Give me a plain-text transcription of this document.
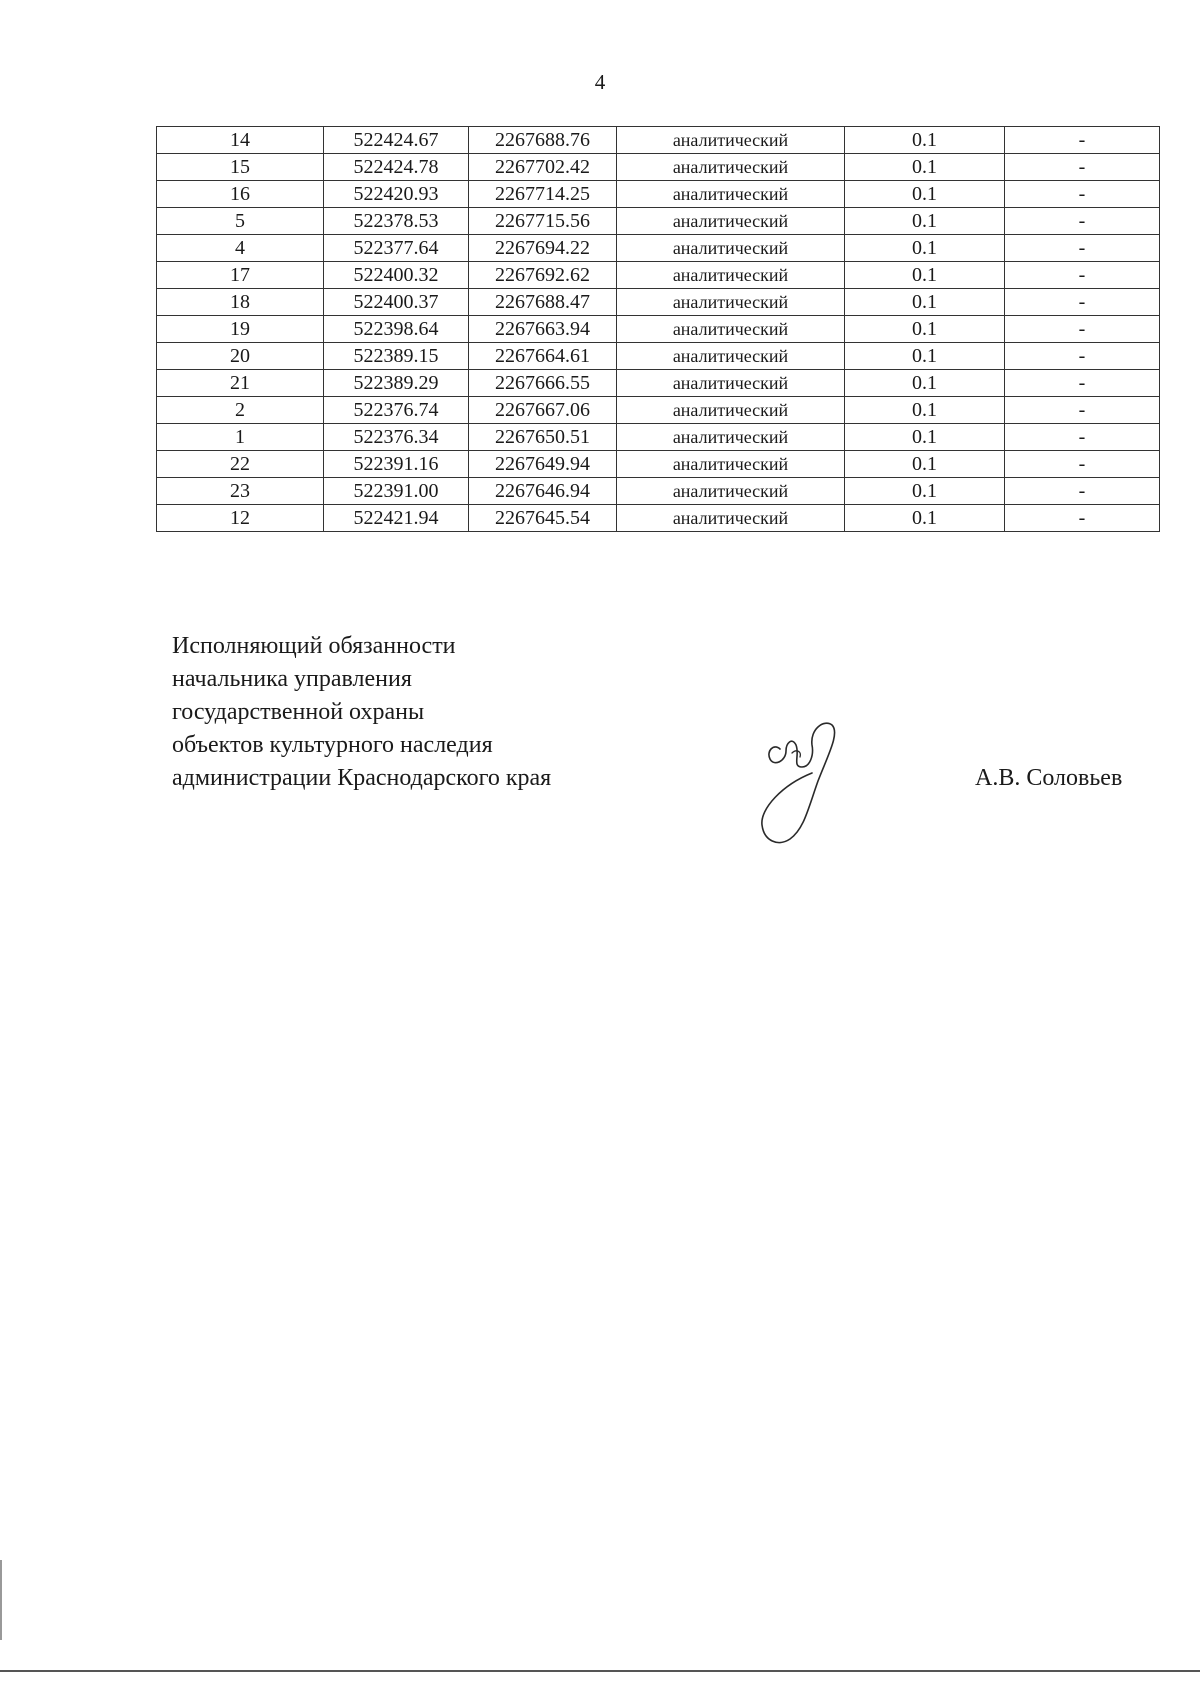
4
14	522424.67	2267688.76	аналитический	0.1	-
15	522424.78	2267702.42	аналитический	0.1	-
16	522420.93	2267714.25	аналитический	0.1	-
5	522378.53	2267715.56	аналитический	0.1	-
4	522377.64	2267694.22	аналитический	0.1	-
17	522400.32	2267692.62	аналитический	0.1	-
18	522400.37	2267688.47	аналитический	0.1	-
19	522398.64	2267663.94	аналитический	0.1	-
20	522389.15	2267664.61	аналитический	0.1	-
21	522389.29	2267666.55	аналитический	0.1	-
2	522376.74	2267667.06	аналитический	0.1	-
1	522376.34	2267650.51	аналитический	0.1	-
22	522391.16	2267649.94	аналитический	0.1	-
23	522391.00	2267646.94	аналитический	0.1	-
12	522421.94	2267645.54	аналитический	0.1	-
Исполняющий обязанности
начальника управления
государственной охраны
объектов культурного наследия
администрации Краснодарского края	А.В. Соловьев
